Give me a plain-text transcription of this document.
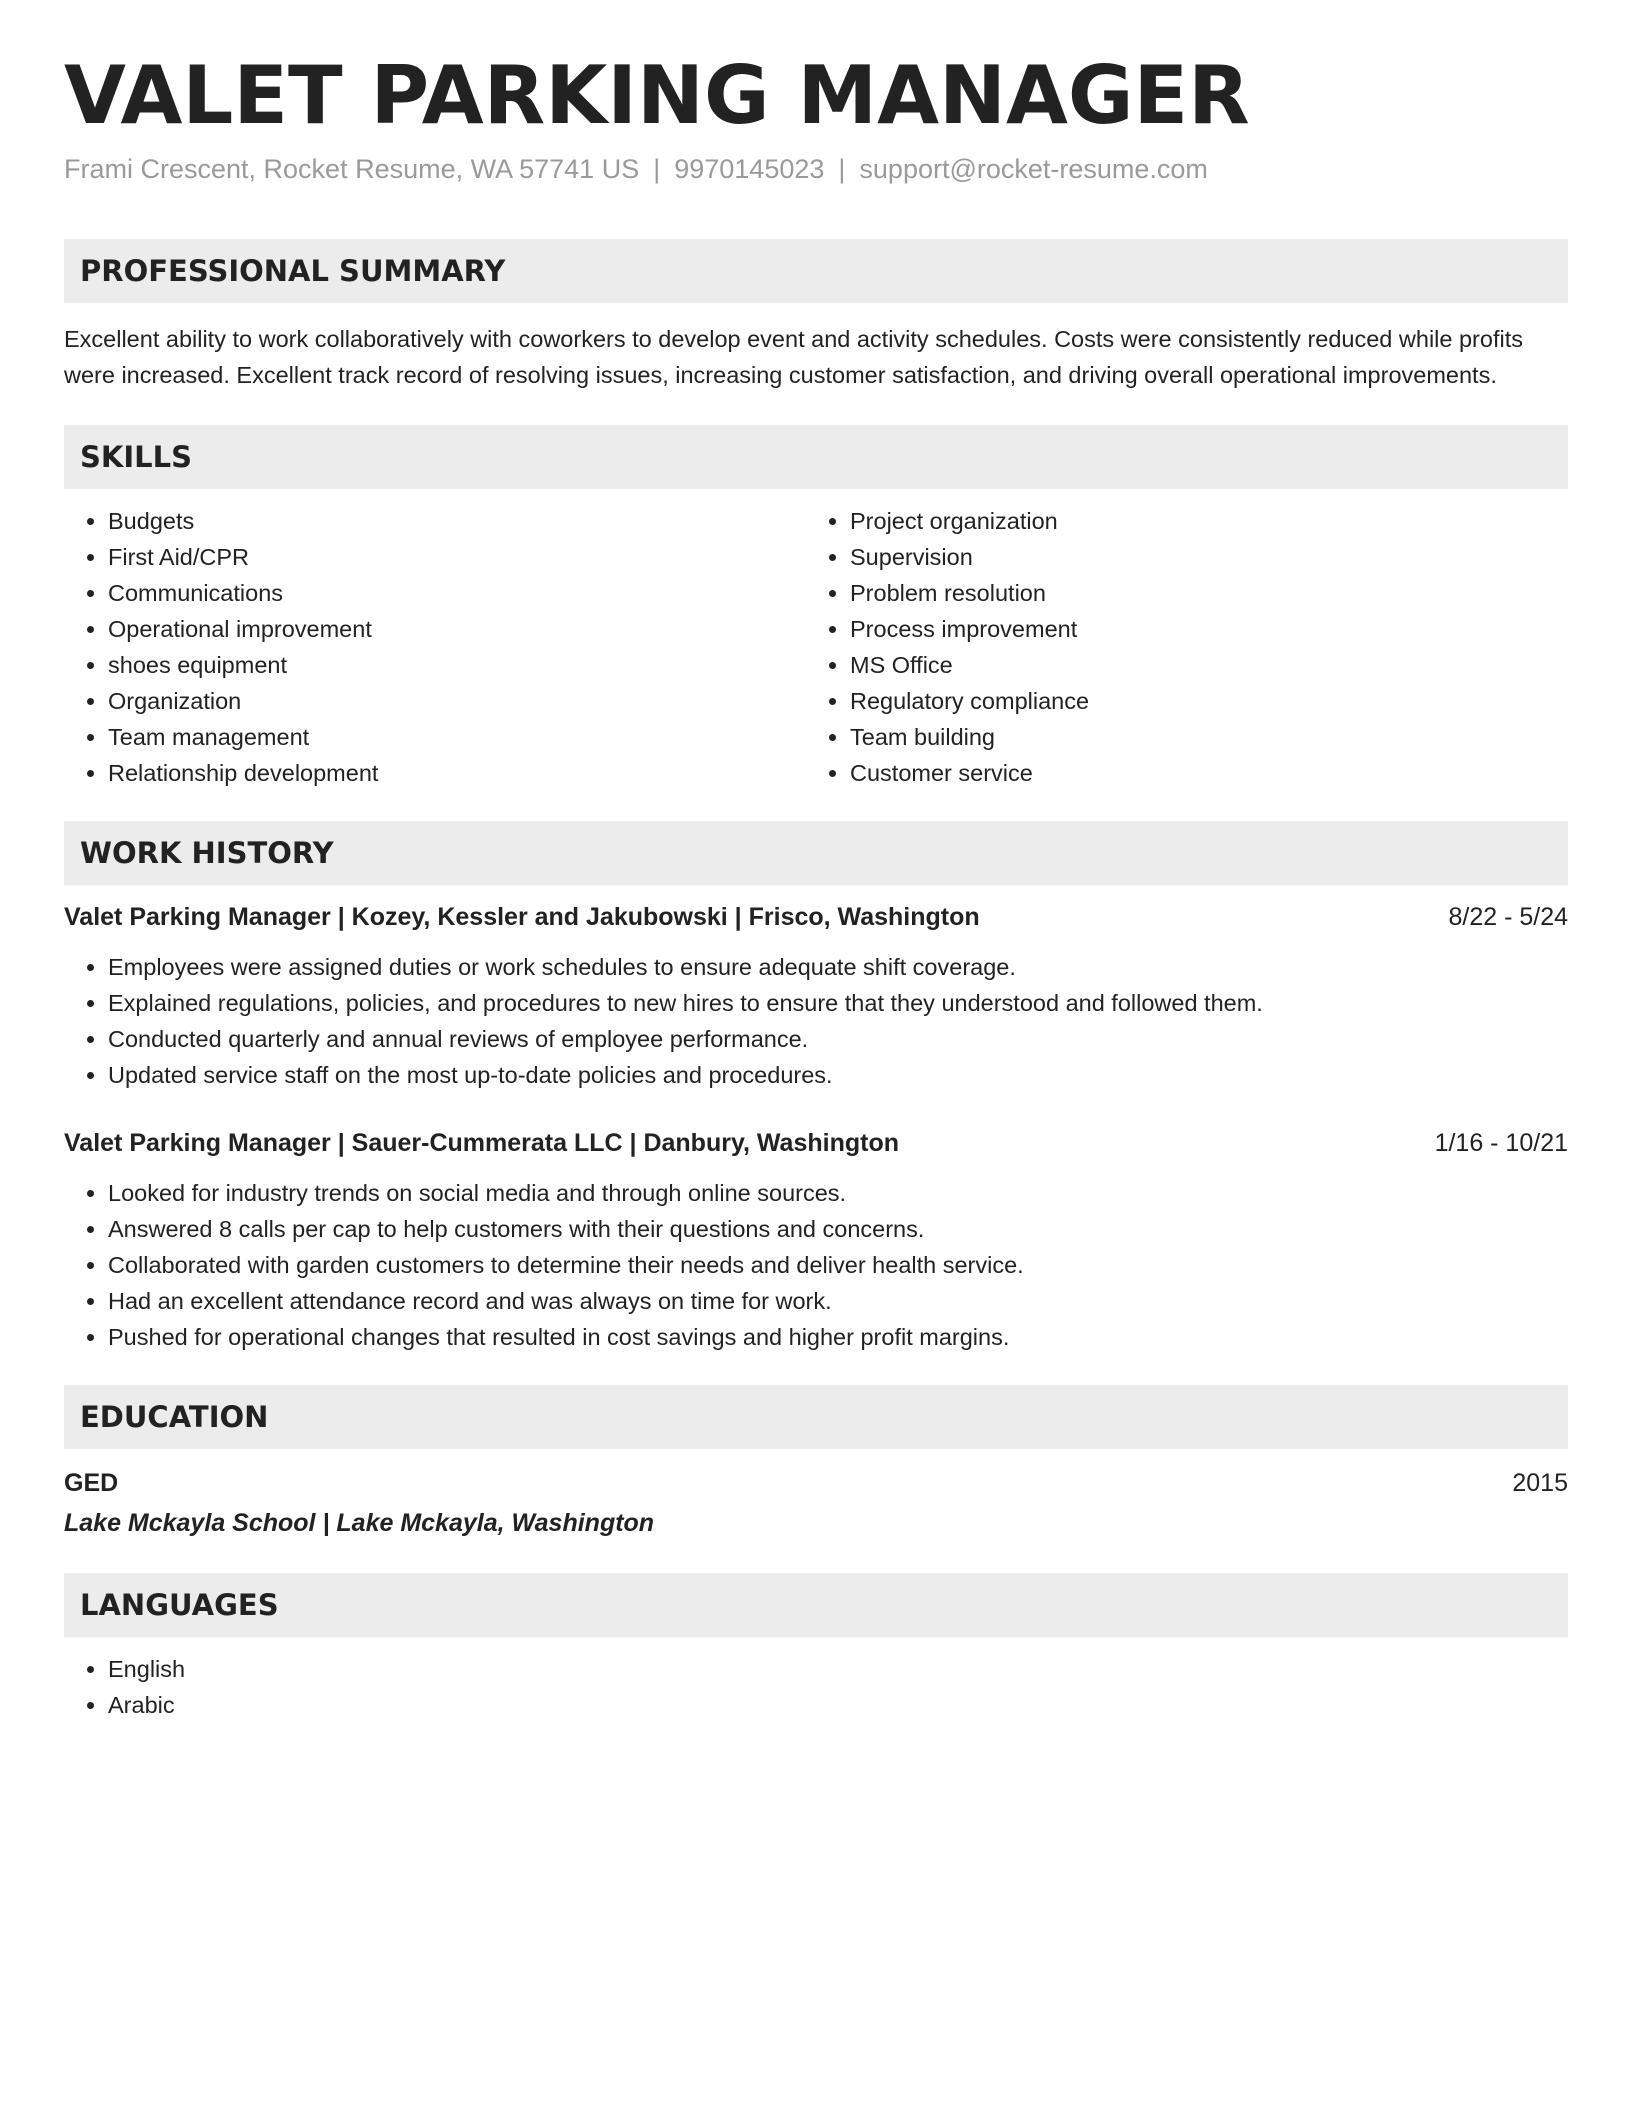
VALET PARKING MANAGER
Frami Crescent, Rocket Resume, WA 57741 US | 9970145023 | support@rocket-resume.com
PROFESSIONAL SUMMARY

Excellent ability to work collaboratively with coworkers to develop event and activity schedules. Costs were consistently reduced while profits were increased. Excellent track record of resolving issues, increasing customer satisfaction, and driving overall operational improvements.

SKILLS
• Budgets
• First Aid/CPR
• Communications
• Operational improvement
• shoes equipment
• Organization
• Team management
• Relationship development
• Project organization
• Supervision
• Problem resolution
• Process improvement
• MS Office
• Regulatory compliance
• Team building
• Customer service
WORK HISTORY
Valet Parking Manager | Kozey, Kessler and Jakubowski | Frisco, Washington	8/22 - 5/24
• Employees were assigned duties or work schedules to ensure adequate shift coverage.
• Explained regulations, policies, and procedures to new hires to ensure that they understood and followed them.
• Conducted quarterly and annual reviews of employee performance.
• Updated service staff on the most up-to-date policies and procedures.
Valet Parking Manager | Sauer-Cummerata LLC | Danbury, Washington	1/16 - 10/21
• Looked for industry trends on social media and through online sources.
• Answered 8 calls per cap to help customers with their questions and concerns.
• Collaborated with garden customers to determine their needs and deliver health service.
• Had an excellent attendance record and was always on time for work.
• Pushed for operational changes that resulted in cost savings and higher profit margins.
EDUCATION
GED	2015
Lake Mckayla School | Lake Mckayla, Washington
LANGUAGES
• English
• Arabic
